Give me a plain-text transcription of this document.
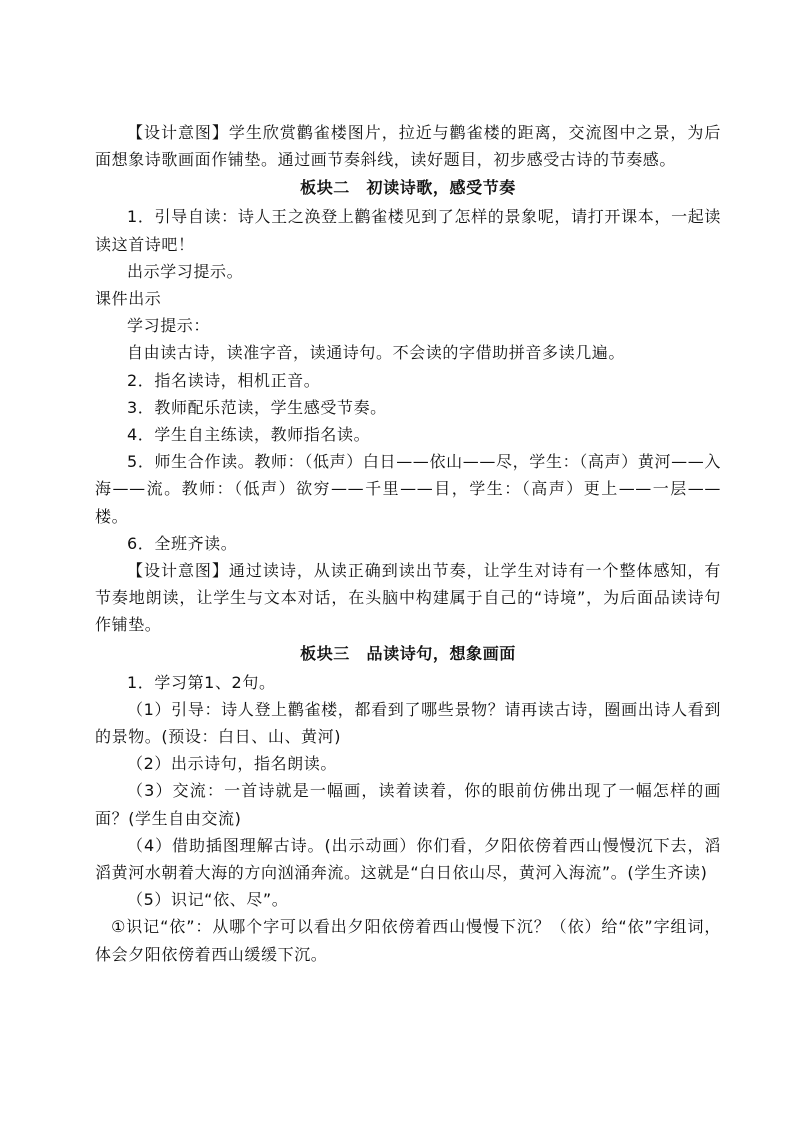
【设计意图】学生欣赏鹳雀楼图片，拉近与鹳雀楼的距离，交流图中之景，为后面想象诗歌画面作铺垫。通过画节奏斜线，读好题目，初步感受古诗的节奏感。

板块二　初读诗歌，感受节奏

1．引导自读：诗人王之涣登上鹳雀楼见到了怎样的景象呢，请打开课本，一起读读这首诗吧！

出示学习提示。

课件出示

学习提示：

自由读古诗，读准字音，读通诗句。不会读的字借助拼音多读几遍。

2．指名读诗，相机正音。

3．教师配乐范读，学生感受节奏。

4．学生自主练读，教师指名读。

5．师生合作读。教师：（低声）白日——依山——尽，学生：（高声）黄河——入海——流。教师：（低声）欲穷——千里——目，学生：（高声）更上——一层——楼。

6．全班齐读。

【设计意图】通过读诗，从读正确到读出节奏，让学生对诗有一个整体感知，有节奏地朗读，让学生与文本对话，在头脑中构建属于自己的“诗境”，为后面品读诗句作铺垫。

板块三　品读诗句，想象画面

1．学习第1、2句。

（1）引导：诗人登上鹳雀楼，都看到了哪些景物？请再读古诗，圈画出诗人看到的景物。(预设：白日、山、黄河)

（2）出示诗句，指名朗读。

（3）交流：一首诗就是一幅画，读着读着，你的眼前仿佛出现了一幅怎样的画面？(学生自由交流)

（4）借助插图理解古诗。(出示动画）你们看，夕阳依傍着西山慢慢沉下去，滔滔黄河水朝着大海的方向汹涌奔流。这就是“白日依山尽，黄河入海流”。(学生齐读)

（5）识记“依、尽”。

①识记“依”：从哪个字可以看出夕阳依傍着西山慢慢下沉？（依）给“依”字组词，体会夕阳依傍着西山缓缓下沉。
